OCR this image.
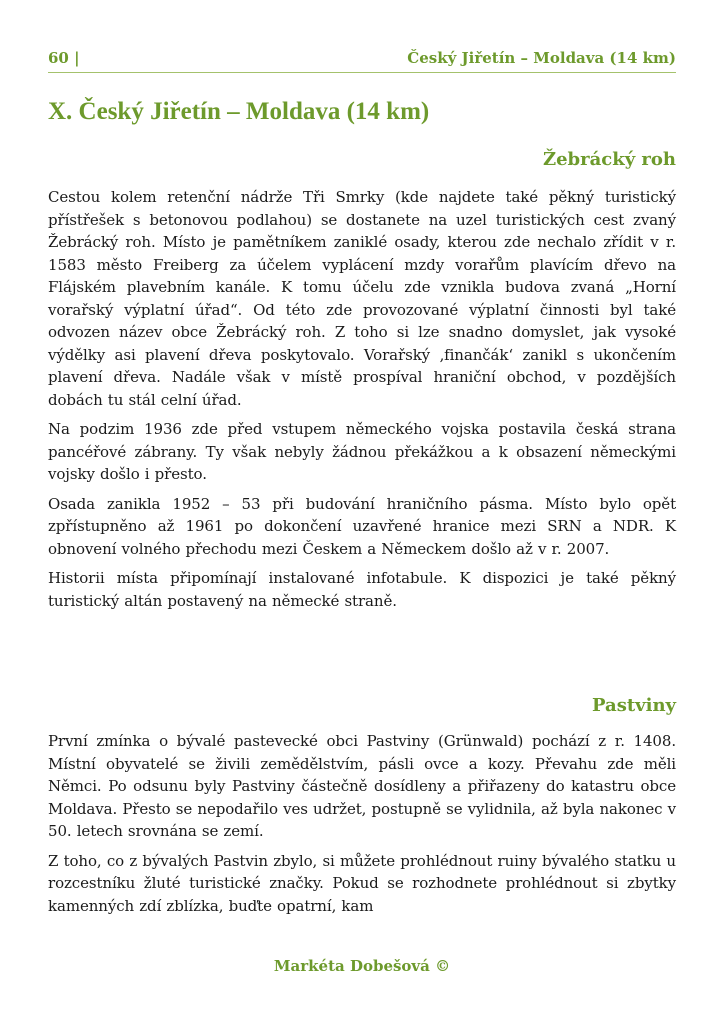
60 |	Český Jiřetín – Moldava (14 km)
X. Český Jiřetín – Moldava (14 km)
Žebrácký roh

Cestou kolem retenční nádrže Tři Smrky (kde najdete také pěkný turistický přístřešek s betonovou podlahou) se dostanete na uzel turistických cest zvaný Žebrácký roh. Místo je pamětníkem zaniklé osady, kterou zde nechalo zřídit v r. 1583 město Freiberg za účelem vyplácení mzdy vorařům plavícím dřevo na Flájském plavebním kanále. K tomu účelu zde vznikla budova zvaná „Horní vorařský výplatní úřad“. Od této zde provozované výplatní činnosti byl také odvozen název obce Žebrácký roh. Z toho si lze snadno domyslet, jak vysoké výdělky asi plavení dřeva poskytovalo. Vorařský ‚finančák‘ zanikl s ukončením plavení dřeva. Nadále však v místě prospíval hraniční obchod, v pozdějších dobách tu stál celní úřad.

Na podzim 1936 zde před vstupem německého vojska postavila česká strana pancéřové zábrany. Ty však nebyly žádnou překážkou a k obsazení německými vojsky došlo i přesto.

Osada zanikla 1952 – 53 při budování hraničního pásma. Místo bylo opět zpřístupněno až 1961 po dokončení uzavřené hranice mezi SRN a NDR. K obnovení volného přechodu mezi Českem a Německem došlo až v r. 2007.

Historii místa připomínají instalované infotabule. K dispozici je také pěkný turistický altán postavený na německé straně.

Pastviny

První zmínka o bývalé pastevecké obci Pastviny (Grünwald) pochází z r. 1408. Místní obyvatelé se živili zemědělstvím, pásli ovce a kozy. Převahu zde měli Němci. Po odsunu byly Pastviny částečně dosídleny a přiřazeny do katastru obce Moldava. Přesto se nepodařilo ves udržet, postupně se vylidnila, až byla nakonec v 50. letech srovnána se zemí.

Z toho, co z bývalých Pastvin zbylo, si můžete prohlédnout ruiny bývalého statku u rozcestníku žluté turistické značky. Pokud se rozhodnete prohlédnout si zbytky kamenných zdí zblízka, buďte opatrní, kam

Markéta Dobešová ©
